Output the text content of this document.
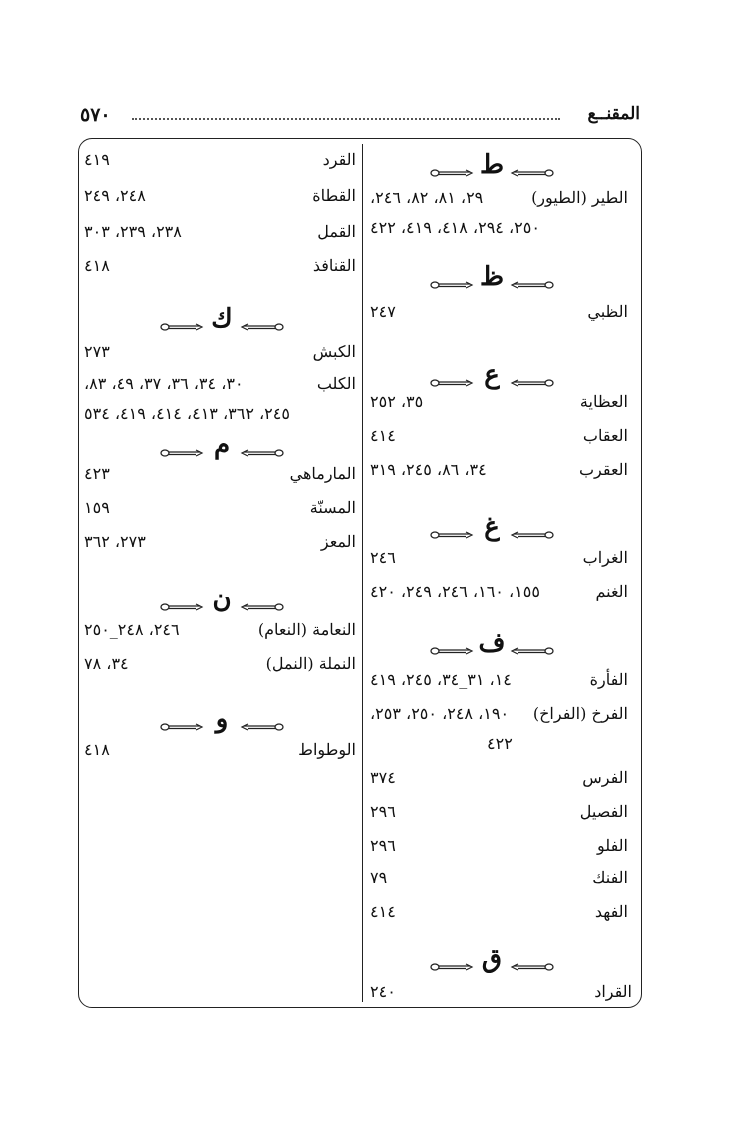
٥٧٠	المقنــع
ط
الطير (الطيور)
٢٩، ٨١، ٨٢، ٢٤٦،
٢٥٠، ٢٩٤، ٤١٨، ٤١٩، ٤٢٢
ظ
الظبي
٢٤٧
ع
العظاية
٣٥، ٢٥٢
العقاب
٤١٤
العقرب
٣٤، ٨٦، ٢٤٥، ٣١٩
غ
الغراب
٢٤٦
الغنم
١٥٥، ١٦٠، ٢٤٦، ٢٤٩، ٤٢٠
ف
الفأرة
١٤، ٣١_٣٤، ٢٤٥، ٤١٩
الفرخ (الفراخ)
١٩٠، ٢٤٨، ٢٥٠، ٢٥٣،
٤٢٢
الفرس
٣٧٤
الفصيل
٢٩٦
الفلو
٢٩٦
الفنك
٧٩
الفهد
٤١٤
ق
القراد
٢٤٠
القرد
٤١٩
القطاة
٢٤٨، ٢٤٩
القمل
٢٣٨، ٢٣٩، ٣٠٣
القنافذ
٤١٨
ك
الكبش
٢٧٣
الكلب
٣٠، ٣٤، ٣٦، ٣٧، ٤٩، ٨٣،
٢٤٥، ٣٦٢، ٤١٣، ٤١٤، ٤١٩، ٥٣٤
م
المارماهي
٤٢٣
المسنّة
١٥٩
المعز
٢٧٣، ٣٦٢
ن
النعامة (النعام)
٢٤٦، ٢٤٨_٢٥٠
النملة (النمل)
٣٤، ٧٨
و
الوطواط
٤١٨
